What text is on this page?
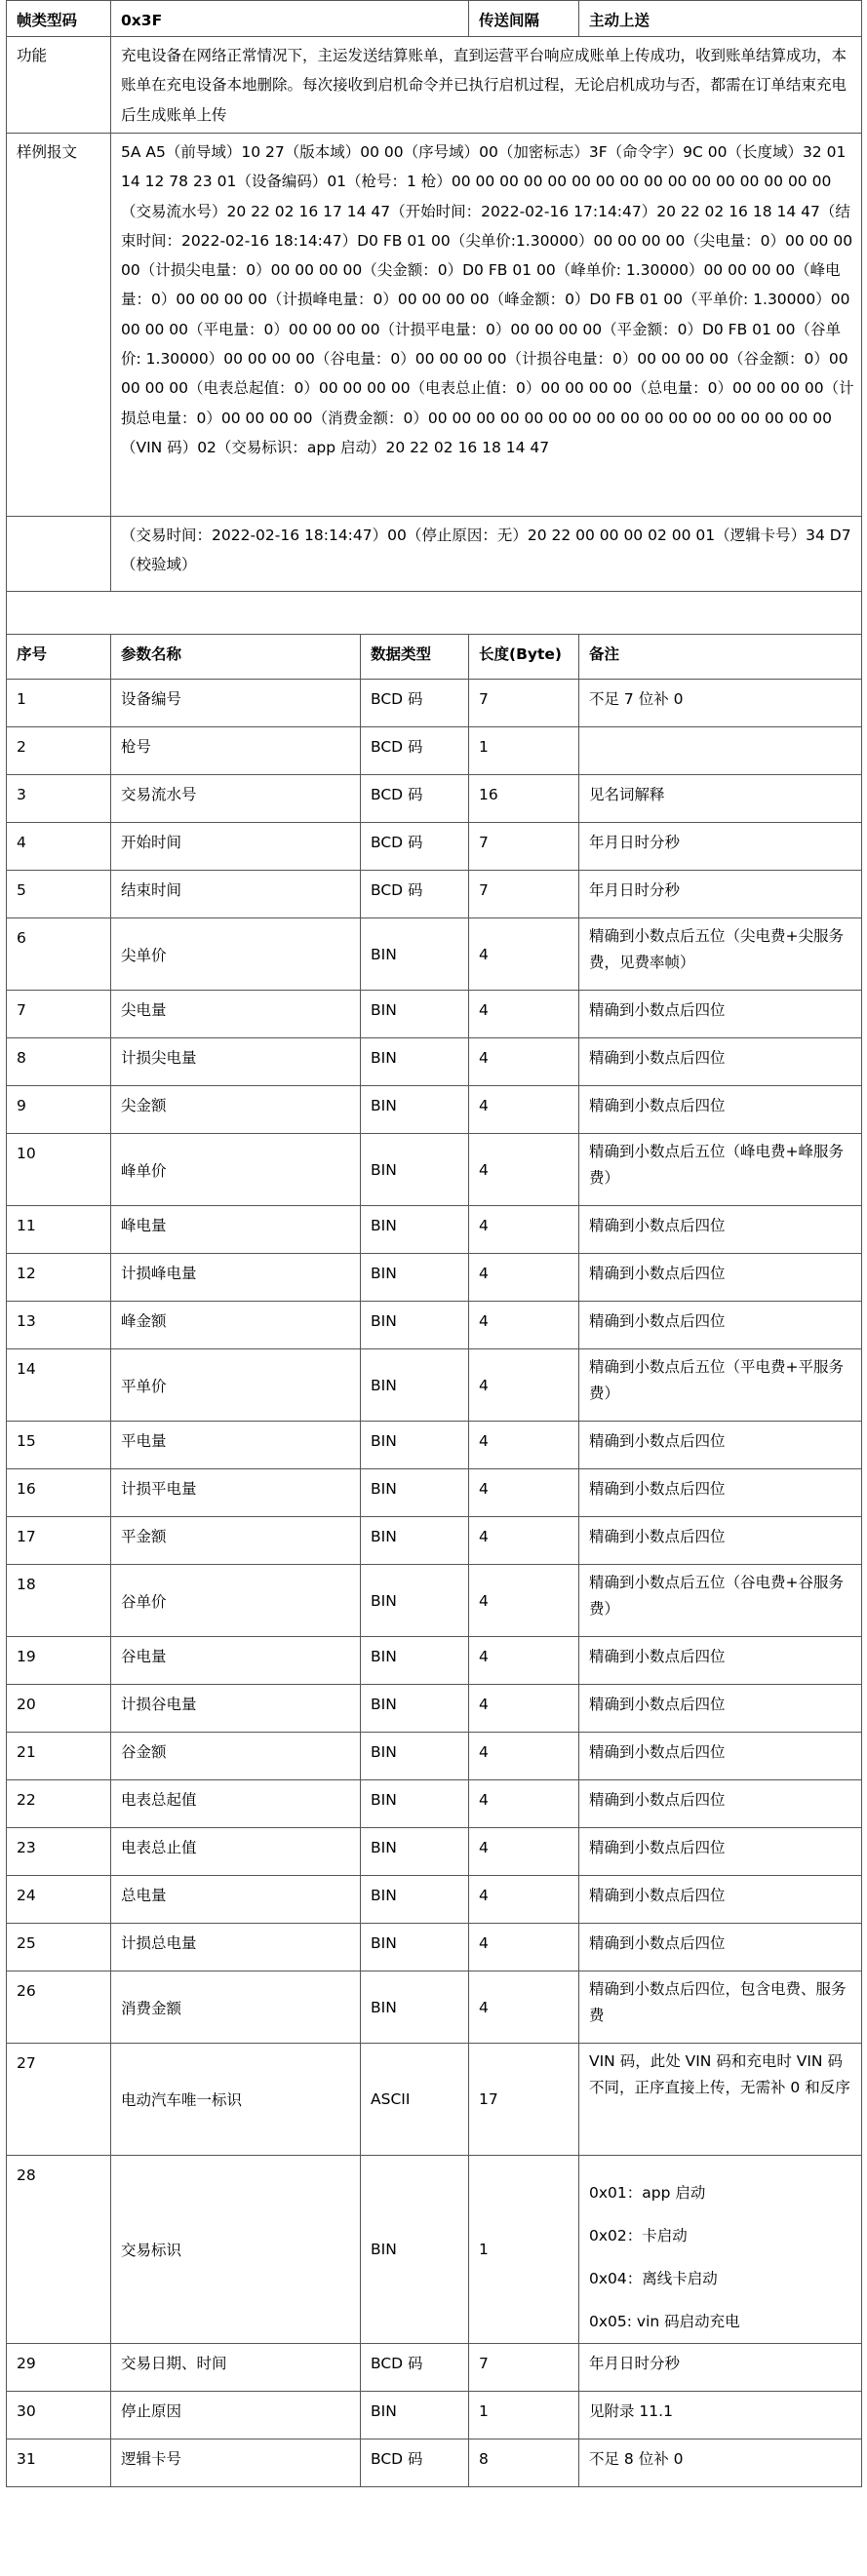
帧类型码	0x3F		传送间隔	主动上送
功能	充电设备在网络正常情况下，主运发送结算账单，直到运营平台响应成账单上传成功，收到账单结算成功，本账单在充电设备本地删除。每次接收到启机命令并已执行启机过程，无论启机成功与否，都需在订单结束充电后生成账单上传			
样例报文	5A A5（前导域）10 27（版本域）00 00（序号域）00（加密标志）3F（命令字）9C 00（长度域）32 01 14 12 78 23 01（设备编码）01（枪号：1 枪）00 00 00 00 00 00 00 00 00 00 00 00 00 00 00 00（交易流水号）20 22 02 16 17 14 47（开始时间：2022-02-16 17:14:47）20 22 02 16 18 14 47（结束时间：2022-02-16 18:14:47）D0 FB 01 00（尖单价:1.30000）00 00 00 00（尖电量：0）00 00 00 00（计损尖电量：0）00 00 00 00（尖金额：0）D0 FB 01 00（峰单价: 1.30000）00 00 00 00（峰电量：0）00 00 00 00（计损峰电量：0）00 00 00 00（峰金额：0）D0 FB 01 00（平单价: 1.30000）00 00 00 00（平电量：0）00 00 00 00（计损平电量：0）00 00 00 00（平金额：0）D0 FB 01 00（谷单价: 1.30000）00 00 00 00（谷电量：0）00 00 00 00（计损谷电量：0）00 00 00 00（谷金额：0）00 00 00 00（电表总起值：0）00 00 00 00（电表总止值：0）00 00 00 00（总电量：0）00 00 00 00（计损总电量：0）00 00 00 00（消费金额：0）00 00 00 00 00 00 00 00 00 00 00 00 00 00 00 00 00（VIN 码）02（交易标识：app 启动）20 22 02 16 18 14 47			
	（交易时间：2022-02-16 18:14:47）00（停止原因：无）20 22 00 00 00 02 00 01（逻辑卡号）34 D7（校验域）			

序号	参数名称	数据类型	长度(Byte)	备注
1	设备编号	BCD 码	7	不足 7 位补 0
2	枪号	BCD 码	1	
3	交易流水号	BCD 码	16	见名词解释
4	开始时间	BCD 码	7	年月日时分秒
5	结束时间	BCD 码	7	年月日时分秒
6	尖单价	BIN	4	精确到小数点后五位（尖电费+尖服务费，见费率帧）
7	尖电量	BIN	4	精确到小数点后四位
8	计损尖电量	BIN	4	精确到小数点后四位
9	尖金额	BIN	4	精确到小数点后四位
10	峰单价	BIN	4	精确到小数点后五位（峰电费+峰服务费）
11	峰电量	BIN	4	精确到小数点后四位
12	计损峰电量	BIN	4	精确到小数点后四位
13	峰金额	BIN	4	精确到小数点后四位
14	平单价	BIN	4	精确到小数点后五位（平电费+平服务费）
15	平电量	BIN	4	精确到小数点后四位
16	计损平电量	BIN	4	精确到小数点后四位
17	平金额	BIN	4	精确到小数点后四位
18	谷单价	BIN	4	精确到小数点后五位（谷电费+谷服务费）
19	谷电量	BIN	4	精确到小数点后四位
20	计损谷电量	BIN	4	精确到小数点后四位
21	谷金额	BIN	4	精确到小数点后四位
22	电表总起值	BIN	4	精确到小数点后四位
23	电表总止值	BIN	4	精确到小数点后四位
24	总电量	BIN	4	精确到小数点后四位
25	计损总电量	BIN	4	精确到小数点后四位
26	消费金额	BIN	4	精确到小数点后四位，包含电费、服务费
27	电动汽车唯一标识	ASCII	17	VIN 码，此处 VIN 码和充电时 VIN 码不同，正序直接上传，无需补 0 和反序
28	交易标识	BIN	1	0x01：app 启动
0x02：卡启动
0x04：离线卡启动
0x05: vin 码启动充电

29	交易日期、时间	BCD 码	7	年月日时分秒
30	停止原因	BIN	1	见附录 11.1
31	逻辑卡号	BCD 码	8	不足 8 位补 0
